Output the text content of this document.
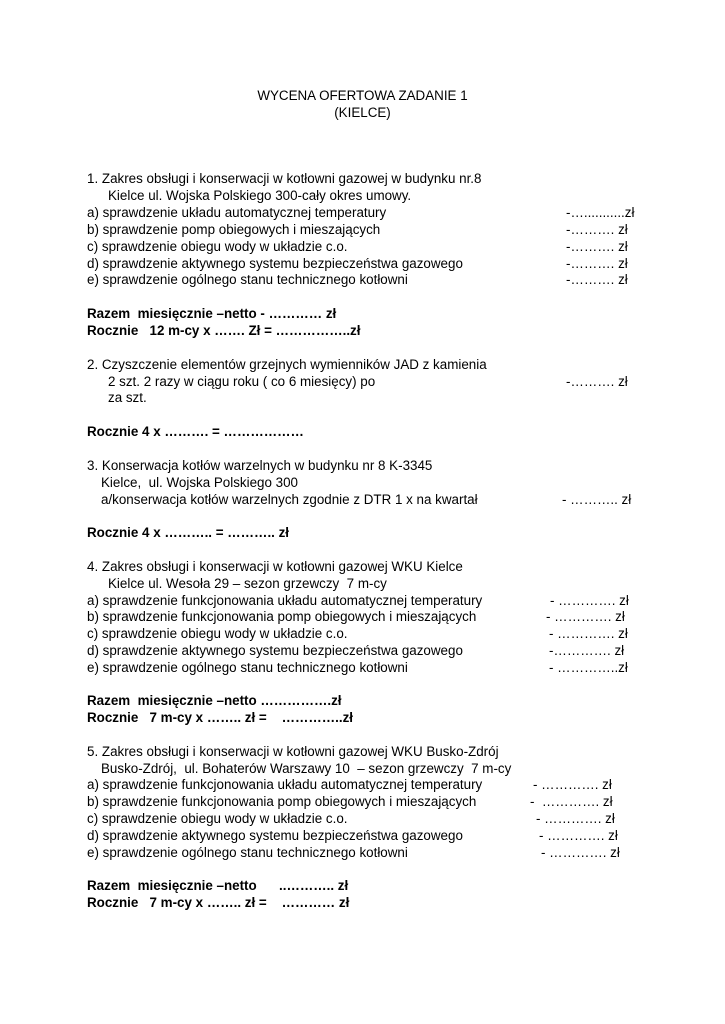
WYCENA OFERTOWA ZADANIE 1
(KIELCE)
1. Zakres obsługi i konserwacji w kotłowni gazowej w budynku nr.8
Kielce ul. Wojska Polskiego 300-cały okres umowy.
a) sprawdzenie układu automatycznej temperatury	-…...........zł
b) sprawdzenie pomp obiegowych i mieszających	-………. zł
c) sprawdzenie obiegu wody w układzie c.o.	-………. zł
d) sprawdzenie aktywnego systemu bezpieczeństwa gazowego	-………. zł
e) sprawdzenie ogólnego stanu technicznego kotłowni	-………. zł
Razem  miesięcznie –netto - ………… zł
Rocznie   12 m-cy x ……. Zł = ……………..zł
2. Czyszczenie elementów grzejnych wymienników JAD z kamienia
2 szt. 2 razy w ciągu roku ( co 6 miesięcy) po	-………. zł
za szt.
Rocznie 4 x ………. = ………………
3. Konserwacja kotłów warzelnych w budynku nr 8 K-3345
Kielce,  ul. Wojska Polskiego 300
a/konserwacja kotłów warzelnych zgodnie z DTR 1 x na kwartał	- ……….. zł
Rocznie 4 x ……….. = ……….. zł
4. Zakres obsługi i konserwacji w kotłowni gazowej WKU Kielce
Kielce ul. Wesoła 29 – sezon grzewczy  7 m-cy
a) sprawdzenie funkcjonowania układu automatycznej temperatury	- …………. zł
b) sprawdzenie funkcjonowania pomp obiegowych i mieszających	- …………. zł
c) sprawdzenie obiegu wody w układzie c.o.	- …………. zł
d) sprawdzenie aktywnego systemu bezpieczeństwa gazowego	-…………. zł
e) sprawdzenie ogólnego stanu technicznego kotłowni	- …………..zł
Razem  miesięcznie –netto …………….zł
Rocznie   7 m-cy x …….. zł =    …………..zł
5. Zakres obsługi i konserwacji w kotłowni gazowej WKU Busko-Zdrój
Busko-Zdrój,  ul. Bohaterów Warszawy 10  – sezon grzewczy  7 m-cy
a) sprawdzenie funkcjonowania układu automatycznej temperatury	- …………. zł
b) sprawdzenie funkcjonowania pomp obiegowych i mieszających	-  …………. zł
c) sprawdzenie obiegu wody w układzie c.o.	- …………. zł
d) sprawdzenie aktywnego systemu bezpieczeństwa gazowego	- …………. zł
e) sprawdzenie ogólnego stanu technicznego kotłowni	- …………. zł
Razem  miesięcznie –netto      ..……….. zł
Rocznie   7 m-cy x …….. zł =    ………… zł
